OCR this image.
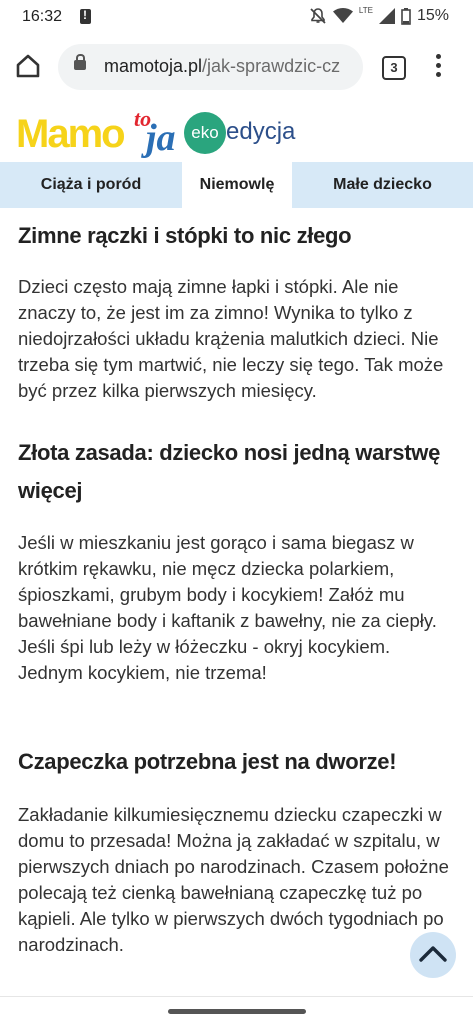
16:32
!	LTE	15%
mamotoja.pl/jak-sprawdzic-cz	3
Mamo ja
to
eko edycja
Ciąża i poród	Niemowlę	Małe dziecko
Zimne rączki i stópki to nic złego

Dzieci często mają zimne łapki i stópki. Ale nie znaczy to, że jest im za zimno! Wynika to tylko z niedojrzałości układu krążenia malutkich dzieci. Nie trzeba się tym martwić, nie leczy się tego. Tak może być przez kilka pierwszych miesięcy.

Złota zasada: dziecko nosi jedną warstwę więcej

Jeśli w mieszkaniu jest gorąco i sama biegasz w krótkim rękawku, nie męcz dziecka polarkiem, śpioszkami, grubym body i kocykiem! Załóż mu bawełniane body i kaftanik z bawełny, nie za ciepły. Jeśli śpi lub leży w łóżeczku - okryj kocykiem. Jednym kocykiem, nie trzema!

Czapeczka potrzebna jest na dworze!

Zakładanie kilkumiesięcznemu dziecku czapeczki w domu to przesada! Można ją zakładać w szpitalu, w pierwszych dniach po narodzinach. Czasem położne polecają też cienką bawełnianą czapeczkę tuż po kąpieli. Ale tylko w pierwszych dwóch tygodniach po narodzinach.
